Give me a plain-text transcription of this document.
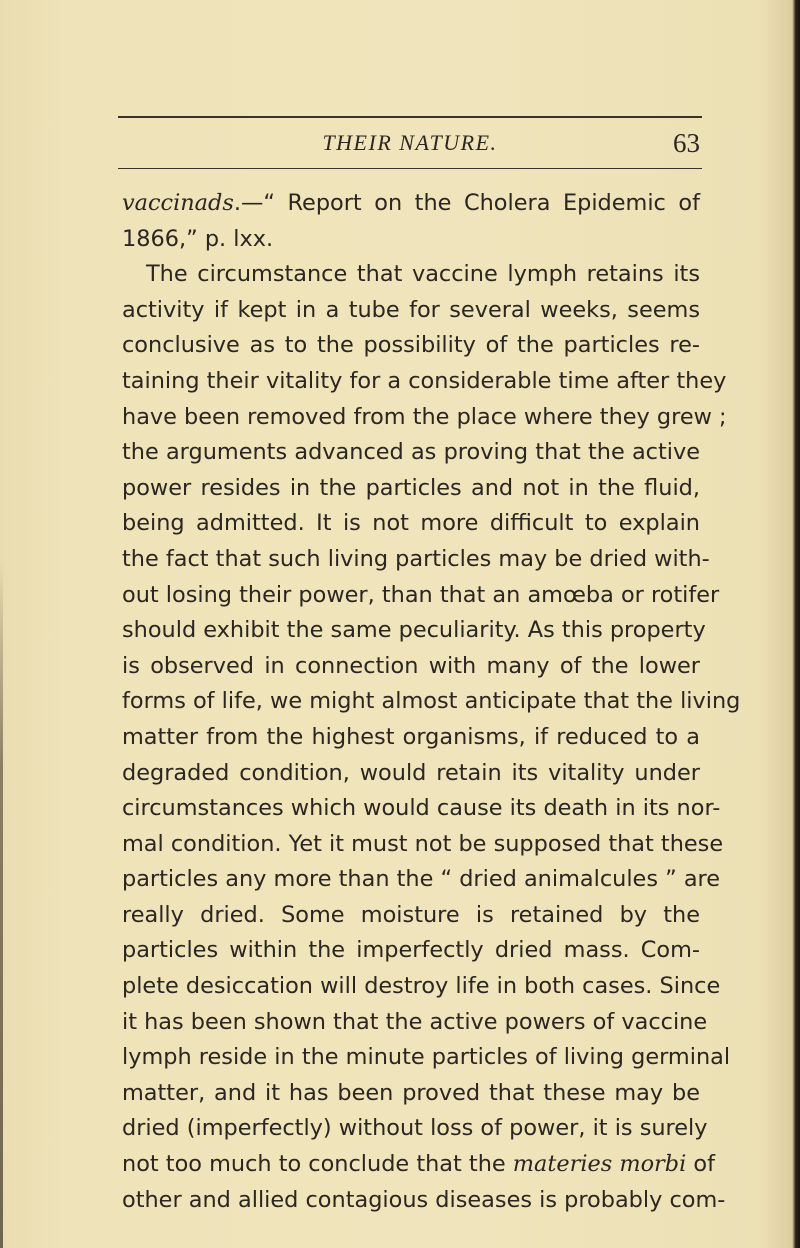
THEIR NATURE.	63
vaccinads.—“ Report on the Cholera Epidemic of
1866,” p. lxx.
The circumstance that vaccine lymph retains its
activity if kept in a tube for several weeks, seems
conclusive as to the possibility of the particles re-
taining their vitality for a considerable time after they
have been removed from the place where they grew ;
the arguments advanced as proving that the active
power resides in the particles and not in the fluid,
being admitted. It is not more difficult to explain
the fact that such living particles may be dried with-
out losing their power, than that an amœba or rotifer
should exhibit the same peculiarity. As this property
is observed in connection with many of the lower
forms of life, we might almost anticipate that the living
matter from the highest organisms, if reduced to a
degraded condition, would retain its vitality under
circumstances which would cause its death in its nor-
mal condition. Yet it must not be supposed that these
particles any more than the “ dried animalcules ” are
really dried. Some moisture is retained by the
particles within the imperfectly dried mass. Com-
plete desiccation will destroy life in both cases. Since
it has been shown that the active powers of vaccine
lymph reside in the minute particles of living germinal
matter, and it has been proved that these may be
dried (imperfectly) without loss of power, it is surely
not too much to conclude that the materies morbi of
other and allied contagious diseases is probably com-
